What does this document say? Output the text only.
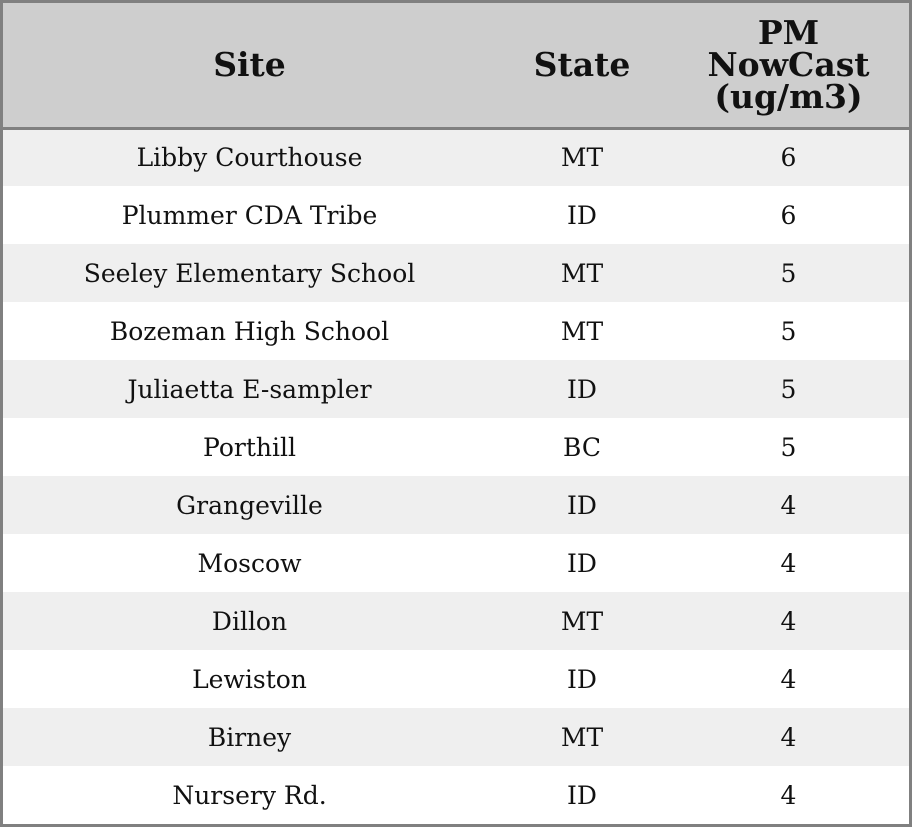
Site	State	PM
NowCast
(ug/m3)

Libby Courthouse	MT	6
Plummer CDA Tribe	ID	6
Seeley Elementary School	MT	5
Bozeman High School	MT	5
Juliaetta E-sampler	ID	5
Porthill	BC	5
Grangeville	ID	4
Moscow	ID	4
Dillon	MT	4
Lewiston	ID	4
Birney	MT	4
Nursery Rd.	ID	4
